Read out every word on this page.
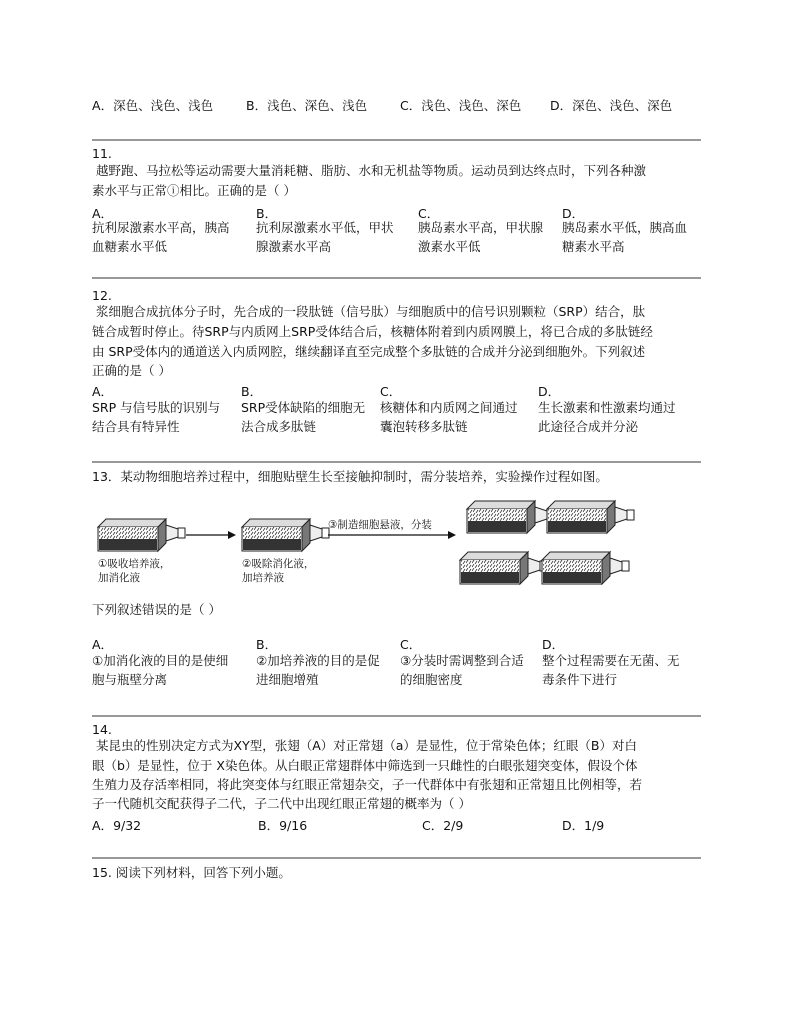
A．深色、浅色、浅色	B．浅色、深色、浅色	C．浅色、浅色、深色 D．深色、浅色、深色
11.
越野跑、马拉松等运动需要大量消耗糖、脂肪、水和无机盐等物质。运动员到达终点时，下列各种激
素水平与正常ⓘ相比。正确的是（ ）
A．
抗利尿激素水平高，胰高
血糖素水平低
B．
抗利尿激素水平低，甲状
腺激素水平高
C．
胰岛素水平高，甲状腺
激素水平低
D．
胰岛素水平低，胰高血
糖素水平高
12.
浆细胞合成抗体分子时，先合成的一段肽链（信号肽）与细胞质中的信号识别颗粒（SRP）结合，肽
链合成暂时停止。待SRP与内质网上SRP受体结合后，核糖体附着到内质网膜上，将已合成的多肽链经
由 SRP受体内的通道送入内质网腔，继续翻译直至完成整个多肽链的合成并分泌到细胞外。下列叙述
正确的是（ ）
A．
SRP 与信号肽的识别与
结合具有特异性
B．
SRP受体缺陷的细胞无
法合成多肽链
C．
核糖体和内质网之间通过
囊泡转移多肽链
D．
生长激素和性激素均通过
此途径合成并分泌
13．某动物细胞培养过程中，细胞贴壁生长至接触抑制时，需分装培养，实验操作过程如图。
①吸收培养液，
加消化液
②吸除消化液，
加培养液
③制造细胞悬液，分装
下列叙述错误的是（ ）
A．
①加消化液的目的是使细
胞与瓶壁分离
B．
②加培养液的目的是促
进细胞增殖
C．
③分装时需调整到合适
的细胞密度
D．
整个过程需要在无菌、无
毒条件下进行
14.
某昆虫的性别决定方式为XY型，张翅（A）对正常翅（a）是显性，位于常染色体；红眼（B）对白
眼（b）是显性，位于 X染色体。从白眼正常翅群体中筛选到一只雌性的白眼张翅突变体，假设个体
生殖力及存活率相同，将此突变体与红眼正常翅杂交，子一代群体中有张翅和正常翅且比例相等，若
子一代随机交配获得子二代，子二代中出现红眼正常翅的概率为（ ）
A．9/32	B．9/16	C．2/9	D．1/9
15. 阅读下列材料，回答下列小题。
